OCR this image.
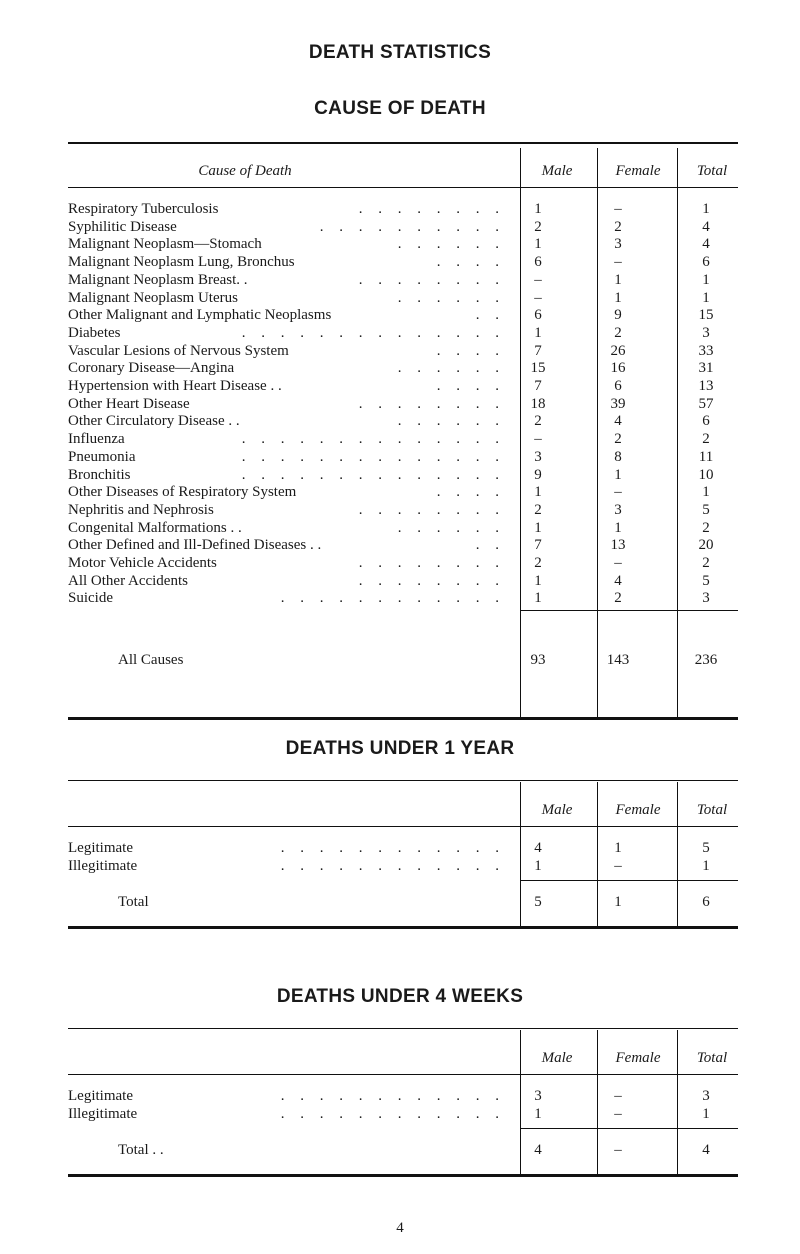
DEATH STATISTICS
CAUSE OF DEATH
Cause of Death	Male	Female	Total
Respiratory Tuberculosis	. . . . . . . .	1	–	1
Syphilitic Disease	. . . . . . . . . .	2	2	4
Malignant Neoplasm—Stomach	. . . . . .	1	3	4
Malignant Neoplasm Lung, Bronchus	. . . .	6	–	6
Malignant Neoplasm Breast. .	. . . . . . . .	–	1	1
Malignant Neoplasm Uterus	. . . . . .	–	1	1
Other Malignant and Lymphatic Neoplasms	. .	6	9	15
Diabetes	. . . . . . . . . . . . . .	1	2	3
Vascular Lesions of Nervous System	. . . .	7	26	33
Coronary Disease—Angina	. . . . . .	15	16	31
Hypertension with Heart Disease . .	. . . .	7	6	13
Other Heart Disease	. . . . . . . .	18	39	57
Other Circulatory Disease . .	. . . . . .	2	4	6
Influenza	. . . . . . . . . . . . . .	–	2	2
Pneumonia	. . . . . . . . . . . . . .	3	8	11
Bronchitis	. . . . . . . . . . . . . .	9	1	10
Other Diseases of Respiratory System	. . . .	1	–	1
Nephritis and Nephrosis	. . . . . . . .	2	3	5
Congenital Malformations . .	. . . . . .	1	1	2
Other Defined and Ill-Defined Diseases . .	. .	7	13	20
Motor Vehicle Accidents	. . . . . . . .	2	–	2
All Other Accidents	. . . . . . . .	1	4	5
Suicide	. . . . . . . . . . . .	1	2	3
All Causes	93	143	236
DEATHS UNDER 1 YEAR
Male	Female	Total
Legitimate	. . . . . . . . . . . .	4	1	5
Illegitimate	. . . . . . . . . . . .	1	–	1
Total	5	1	6
DEATHS UNDER 4 WEEKS
Male	Female	Total
Legitimate	. . . . . . . . . . . .	3	–	3
Illegitimate	. . . . . . . . . . . .	1	–	1
Total . .	4	–	4
4
